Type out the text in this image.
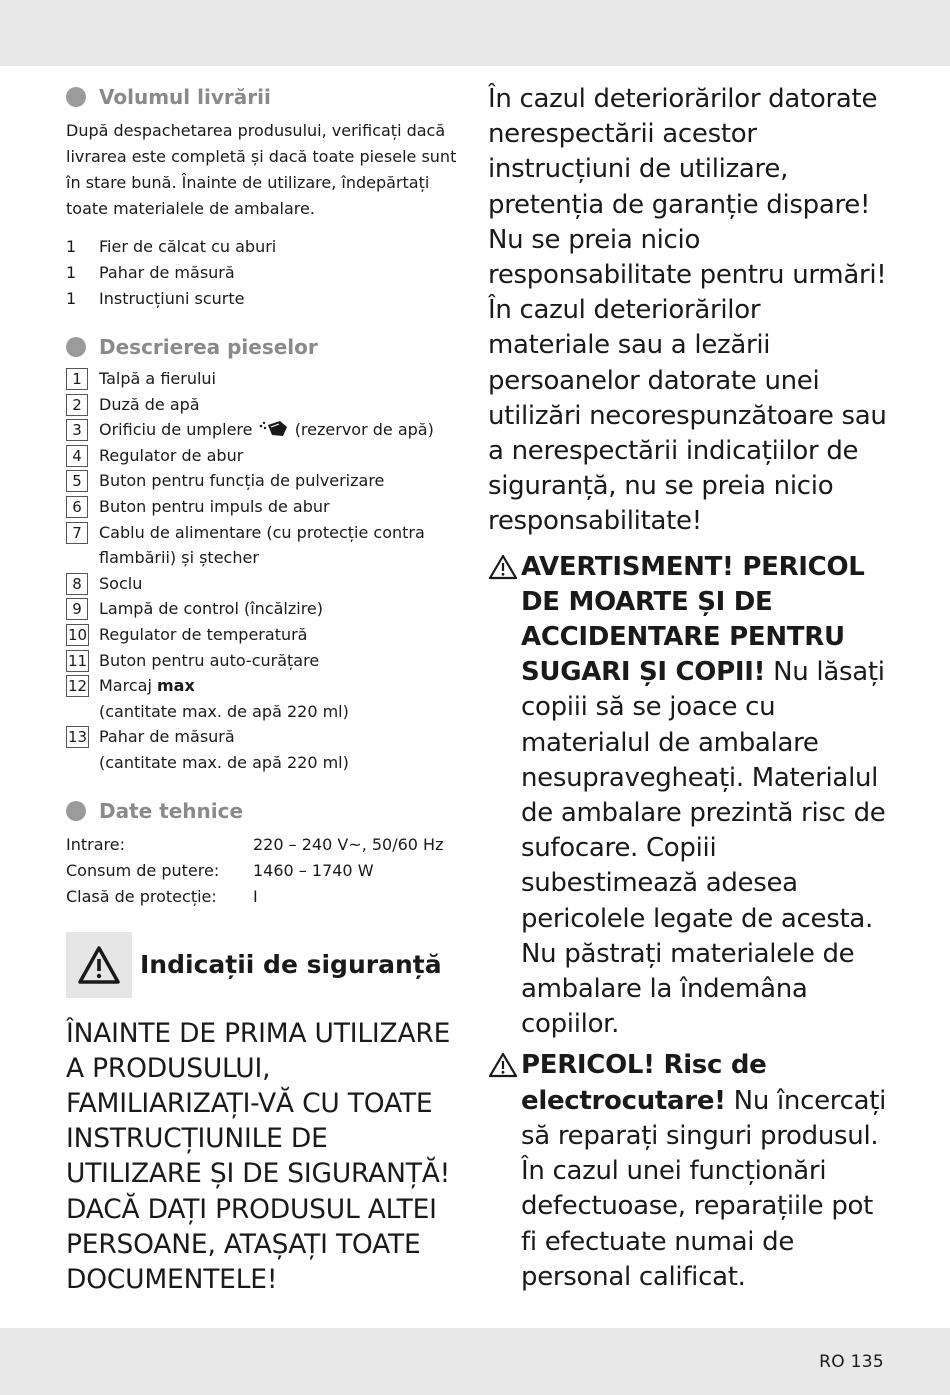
Volumul livrării

După despachetarea produsului, verificați dacă livrarea este completă și dacă toate piesele sunt în stare bună. Înainte de utilizare, îndepărtați toate materialele de ambalare.

1	Fier de călcat cu aburi
1	Pahar de măsură
1	Instrucțiuni scurte
Descrierea pieselor
1	Talpă a fierului
2	Duză de apă
3	Orificiu de umplere	(rezervor de apă)
4	Regulator de abur
5	Buton pentru funcția de pulverizare
6	Buton pentru impuls de abur
7	Cablu de alimentare (cu protecție contra flambării) și ștecher
8	Soclu
9	Lampă de control (încălzire)
10 Regulator de temperatură
11 Buton pentru auto-curățare
12 Marcaj max
(cantitate max. de apă 220 ml)
13 Pahar de măsură
(cantitate max. de apă 220 ml)
Date tehnice
Intrare:	220 – 240 V~, 50/60 Hz
Consum de putere:	1460 – 1740 W
Clasă de protecție:	I
Indicații de siguranță
ÎNAINTE DE PRIMA UTILIZARE A PRODUSULUI, FAMILIARIZAȚI-VĂ CU TOATE INSTRUCȚIUNILE DE UTILIZARE ȘI DE SIGURANȚĂ! DACĂ DAȚI PRODUSUL ALTEI PERSOANE, ATAȘAȚI TOATE DOCUMENTELE!
În cazul deteriorărilor datorate nerespectării acestor instrucțiuni de utilizare, pretenția de garanție dispare! Nu se preia nicio responsabilitate pentru urmări! În cazul deteriorărilor materiale sau a lezării persoanelor datorate unei utilizări necorespunzătoare sau a nerespectării indicațiilor de siguranță, nu se preia nicio responsabilitate!
AVERTISMENT! PERICOL DE MOARTE ȘI DE ACCIDENTARE PENTRU SUGARI ȘI COPII! Nu lăsați copiii să se joace cu materialul de ambalare nesupravegheați. Materialul de ambalare prezintă risc de sufocare. Copiii subestimează adesea pericolele legate de acesta. Nu păstrați materialele de ambalare la îndemâna copiilor.
PERICOL! Risc de electrocutare! Nu încercați să reparați singuri produsul. În cazul unei funcționări defectuoase, reparațiile pot fi efectuate numai de personal calificat.
RO 135
